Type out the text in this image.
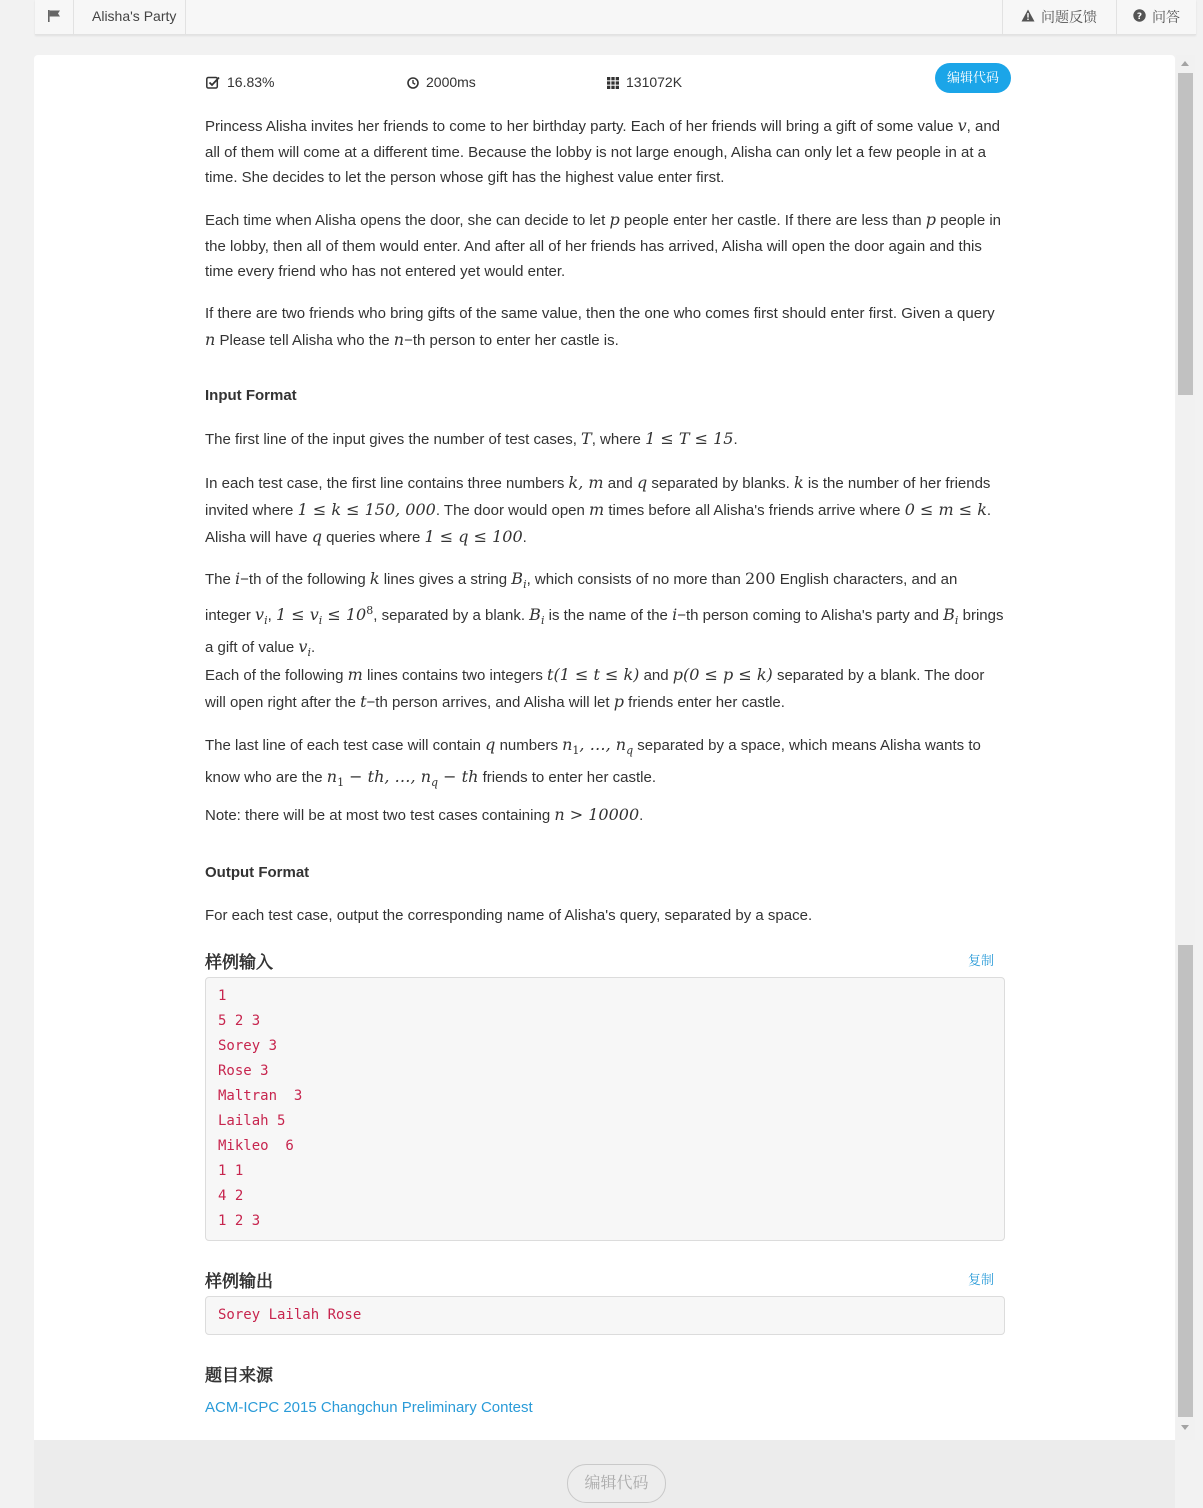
Alisha's Party	问题反馈	? 问答
16.83%	2000ms	131072K	编辑代码

Princess Alisha invites her friends to come to her birthday party. Each of her friends will bring a gift of some value v, and all of them will come at a different time. Because the lobby is not large enough, Alisha can only let a few people in at a time. She decides to let the person whose gift has the highest value enter first.

Each time when Alisha opens the door, she can decide to let p people enter her castle. If there are less than p people in the lobby, then all of them would enter. And after all of her friends has arrived, Alisha will open the door again and this time every friend who has not entered yet would enter.

If there are two friends who bring gifts of the same value, then the one who comes first should enter first. Given a query n Please tell Alisha who the n−th person to enter her castle is.

Input Format

The first line of the input gives the number of test cases, T, where 1 ≤ T ≤ 15.

In each test case, the first line contains three numbers k, m and q separated by blanks. k is the number of her friends invited where 1 ≤ k ≤ 150, 000. The door would open m times before all Alisha's friends arrive where 0 ≤ m ≤ k. Alisha will have q queries where 1 ≤ q ≤ 100.

The i−th of the following k lines gives a string $B_i$, which consists of no more than 200 English characters, and an integer $v_i$, $1 \le v_i \le 10^8$, separated by a blank. $B_i$ is the name of the i−th person coming to Alisha's party and $B_i$ brings a gift of value $v_i$.

Each of the following m lines contains two integers t(1 ≤ t ≤ k) and p(0 ≤ p ≤ k) separated by a blank. The door will open right after the t−th person arrives, and Alisha will let p friends enter her castle.

The last line of each test case will contain q numbers $n_1$, …, $n_q$ separated by a space, which means Alisha wants to know who are the $n_1$ − th, …, $n_q$ − th friends to enter her castle.

Note: there will be at most two test cases containing n > 10000.

Output Format

For each test case, output the corresponding name of Alisha's query, separated by a space.

样例输入	复制
1
5 2 3
Sorey 3
Rose 3
Maltran  3
Lailah 5
Mikleo  6
1 1
4 2
1 2 3
样例输出	复制
Sorey Lailah Rose
题目来源
ACM-ICPC 2015 Changchun Preliminary Contest
编辑代码
